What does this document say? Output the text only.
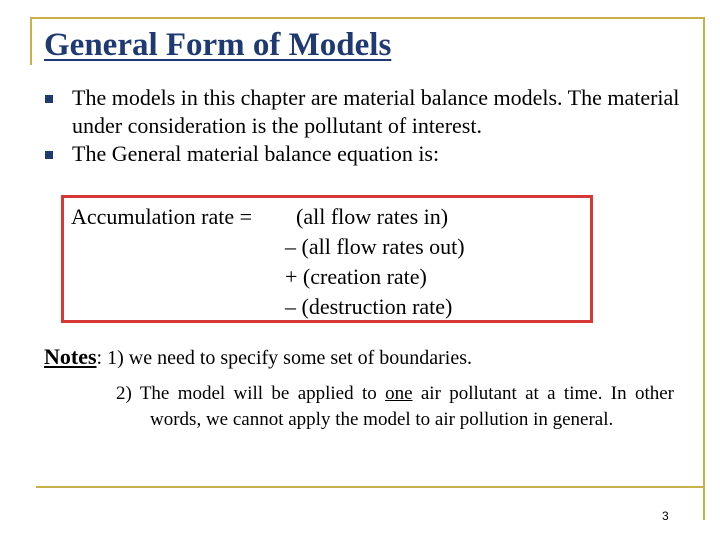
General Form of Models
The models in this chapter are material balance models. The material under consideration is the pollutant of interest.
The General material balance equation is:
Accumulation rate = (all flow rates in)
– (all flow rates out)
+ (creation rate)
– (destruction rate)
Notes: 1) we need to specify some set of boundaries.
2) The model will be applied to one air pollutant at a time. In other words, we cannot apply the model to air pollution in general.
3
